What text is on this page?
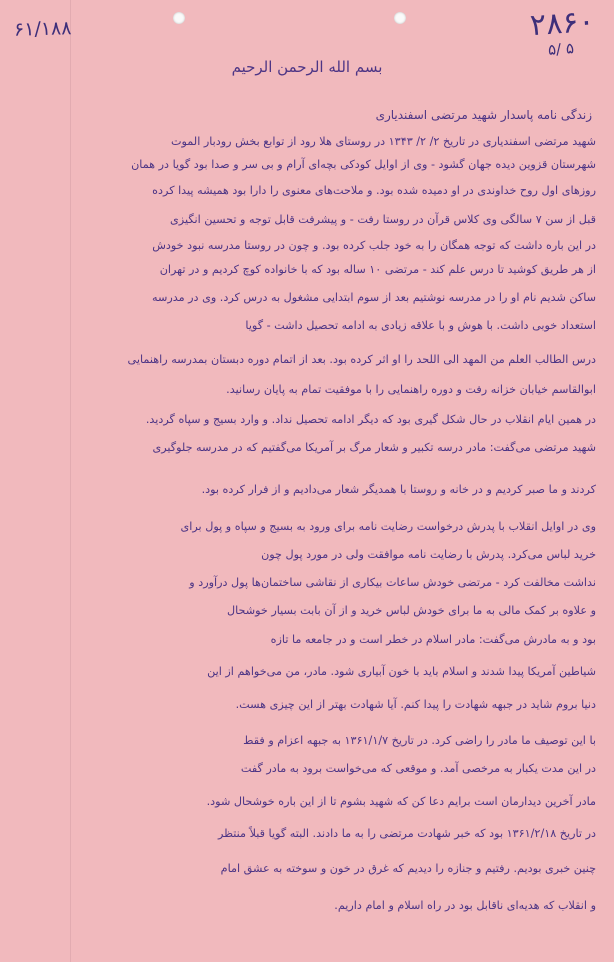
۶۱/۱۸۸	۲۸۶۰
۵/ ۵
بسم الله الرحمن الرحیم
زندگی نامه پاسدار شهید مرتضی اسفندیاری
شهید مرتضی اسفندیاری در تاریخ ۲/ ۲/ ۱۳۴۳ در روستای هلا رود از توابع بخش رودبار الموت
شهرستان قزوین دیده جهان گشود - وی از اوایل کودکی بچه‌ای آرام و بی سر و صدا بود گویا در همان
روزهای اول روح خداوندی در او دمیده شده بود. و ملاحت‌های معنوی را دارا بود همیشه پیدا کرده
قبل از سن ۷ سالگی وی کلاس قرآن در روستا رفت - و پیشرفت قابل توجه و تحسین انگیزی
در این باره داشت که توجه همگان را به خود جلب کرده بود. و چون در روستا مدرسه نبود خودش
از هر طریق کوشید تا درس علم کند - مرتضی ۱۰ ساله بود که با خانواده کوچ کردیم و در تهران
ساکن شدیم نام او را در مدرسه نوشتیم بعد از سوم ابتدایی مشغول به درس کرد. وی در مدرسه
استعداد خوبی داشت. با هوش و با علاقه زیادی به ادامه تحصیل داشت - گویا
درس الطالب العلم من المهد الی اللحد را او اثر کرده بود. بعد از اتمام دوره دبستان بمدرسه راهنمایی
ابوالقاسم خیابان خزانه رفت و دوره راهنمایی را با موفقیت تمام به پایان رسانید.
در همین ایام انقلاب در حال شکل گیری بود که دیگر ادامه تحصیل نداد. و وارد بسیج و سپاه گردید.
شهید مرتضی می‌گفت: مادر درسه تکبیر و شعار مرگ بر آمریکا می‌گفتیم که در مدرسه جلوگیری
کردند و ما صبر کردیم و در خانه و روستا با همدیگر شعار می‌دادیم و از فرار کرده بود.
وی در اوایل انقلاب با پدرش درخواست رضایت نامه برای ورود به بسیج و سپاه و پول برای
خرید لباس می‌کرد. پدرش با رضایت نامه موافقت ولی در مورد پول چون
نداشت مخالفت کرد - مرتضی خودش ساعات بیکاری از نقاشی ساختمان‌ها پول درآورد و
و علاوه بر کمک مالی به ما برای خودش لباس خرید و از آن بابت بسیار خوشحال
بود و به مادرش می‌گفت: مادر اسلام در خطر است و در جامعه ما تازه
شیاطین آمریکا پیدا شدند و اسلام باید با خون آبیاری شود. مادر، من می‌خواهم از این
دنیا بروم شاید در جبهه شهادت را پیدا کنم. آیا شهادت بهتر از این چیزی هست.
با این توصیف ما مادر را راضی کرد. در تاریخ ۱۳۶۱/۱/۷ به جبهه اعزام و فقط
در این مدت یکبار به مرخصی آمد. و موقعی که می‌خواست برود به مادر گفت
مادر آخرین دیدارمان است برایم دعا کن که شهید بشوم تا از این باره خوشحال شود.
در تاریخ ۱۳۶۱/۲/۱۸ بود که خبر شهادت مرتضی را به ما دادند. البته گویا قبلاً منتظر
چنین خبری بودیم. رفتیم و جنازه را دیدیم که غرق در خون و سوخته به عشق امام
و انقلاب که هدیه‌ای ناقابل بود در راه اسلام و امام داریم.
